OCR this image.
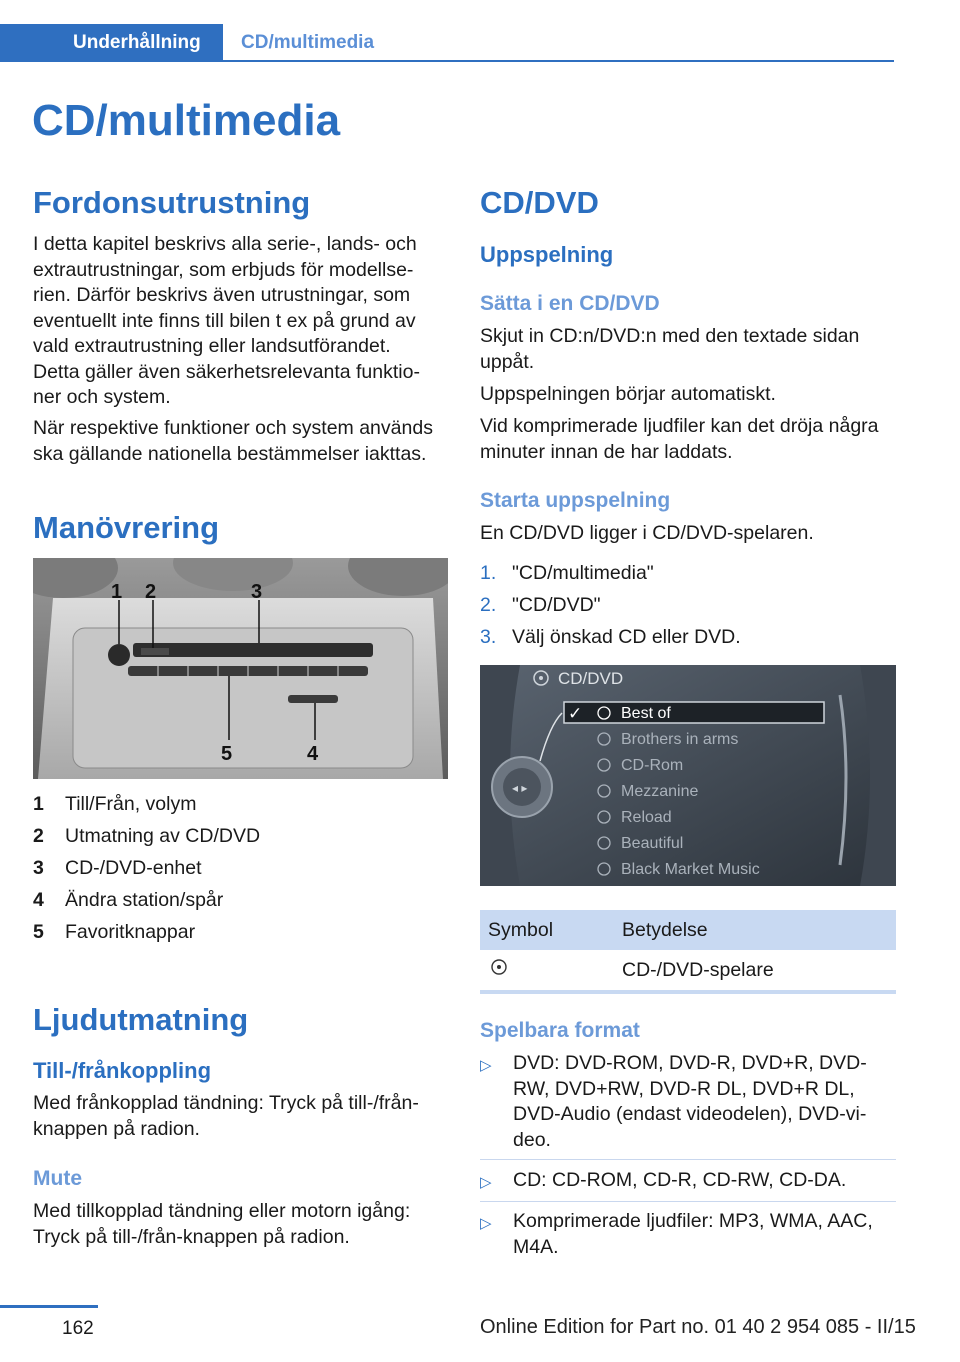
Underhållning CD/multimedia
CD/multimedia
Fordonsutrustning
I detta kapitel beskrivs alla serie-, lands- och
extrautrustningar, som erbjuds för modellse‐
rien. Därför beskrivs även utrustningar, som
eventuellt inte finns till bilen t ex på grund av
vald extrautrustning eller landsutförandet.
Detta gäller även säkerhetsrelevanta funktio‐
ner och system.
När respektive funktioner och system används
ska gällande nationella bestämmelser iakttas.
Manövrering
1 2	3
4
5
1 Till/Från, volym
2 Utmatning av CD/DVD
3 CD-/DVD-enhet
4 Ändra station/spår
5 Favoritknappar
Ljudutmatning
Till-/frånkoppling
Med frånkopplad tändning: Tryck på till-/från‐
knappen på radion.
Mute
Med tillkopplad tändning eller motorn igång:
Tryck på till-/från-knappen på radion.
CD/DVD
Uppspelning
Sätta i en CD/DVD
Skjut in CD:n/DVD:n med den textade sidan
uppåt.
Uppspelningen börjar automatiskt.
Vid komprimerade ljudfiler kan det dröja några
minuter innan de har laddats.
Starta uppspelning
En CD/DVD ligger i CD/DVD-spelaren.
1. "CD/multimedia"
2. "CD/DVD"
3. Välj önskad CD eller DVD.
◂ ▸
CD/DVD
✓ Best of
Brothers in arms
CD-Rom
Mezzanine
Reload
Beautiful
Black Market Music
Symbol	Betydelse
	CD-/DVD-spelare
Spelbara format
▷ DVD: DVD-ROM, DVD-R, DVD+R, DVD-
RW, DVD+RW, DVD-R DL, DVD+R DL,
DVD-Audio (endast videodelen), DVD-vi‐
deo.
▷ CD: CD-ROM, CD-R, CD-RW, CD-DA.
▷ Komprimerade ljudfiler: MP3, WMA, AAC,
M4A.
162	Online Edition for Part no. 01 40 2 954 085 - II/15
